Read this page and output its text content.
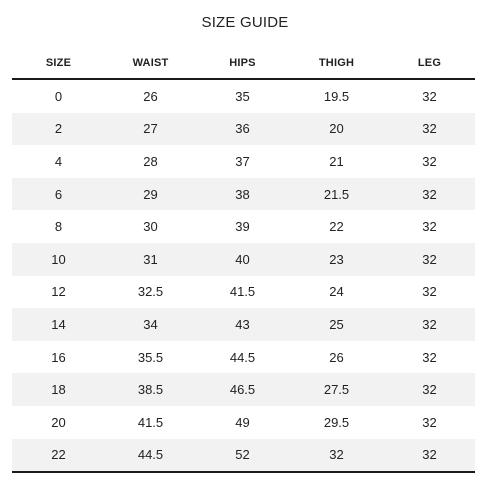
SIZE GUIDE
SIZE	WAIST	HIPS	THIGH	LEG
0	26	35	19.5	32
2	27	36	20	32
4	28	37	21	32
6	29	38	21.5	32
8	30	39	22	32
10	31	40	23	32
12	32.5	41.5	24	32
14	34	43	25	32
16	35.5	44.5	26	32
18	38.5	46.5	27.5	32
20	41.5	49	29.5	32
22	44.5	52	32	32
